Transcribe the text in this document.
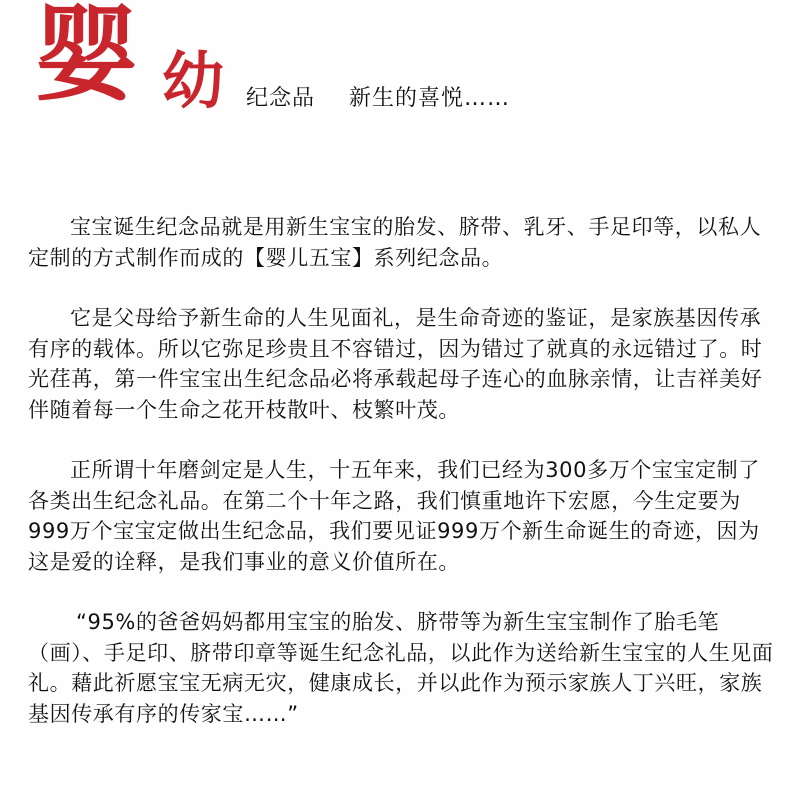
婴 幼 纪念品 新生的喜悦……

宝宝诞生纪念品就是用新生宝宝的胎发、脐带、乳牙、手足印等，以私人定制的方式制作而成的【婴儿五宝】系列纪念品。

它是父母给予新生命的人生见面礼，是生命奇迹的鉴证，是家族基因传承有序的载体。所以它弥足珍贵且不容错过，因为错过了就真的永远错过了。时光荏苒，第一件宝宝出生纪念品必将承载起母子连心的血脉亲情，让吉祥美好伴随着每一个生命之花开枝散叶、枝繁叶茂。

正所谓十年磨剑定是人生，十五年来，我们已经为300多万个宝宝定制了各类出生纪念礼品。在第二个十年之路，我们慎重地许下宏愿，今生定要为999万个宝宝定做出生纪念品，我们要见证999万个新生命诞生的奇迹，因为这是爱的诠释，是我们事业的意义价值所在。

“95%的爸爸妈妈都用宝宝的胎发、脐带等为新生宝宝制作了胎毛笔（画）、手足印、脐带印章等诞生纪念礼品，以此作为送给新生宝宝的人生见面礼。藉此祈愿宝宝无病无灾，健康成长，并以此作为预示家族人丁兴旺，家族基因传承有序的传家宝……”
